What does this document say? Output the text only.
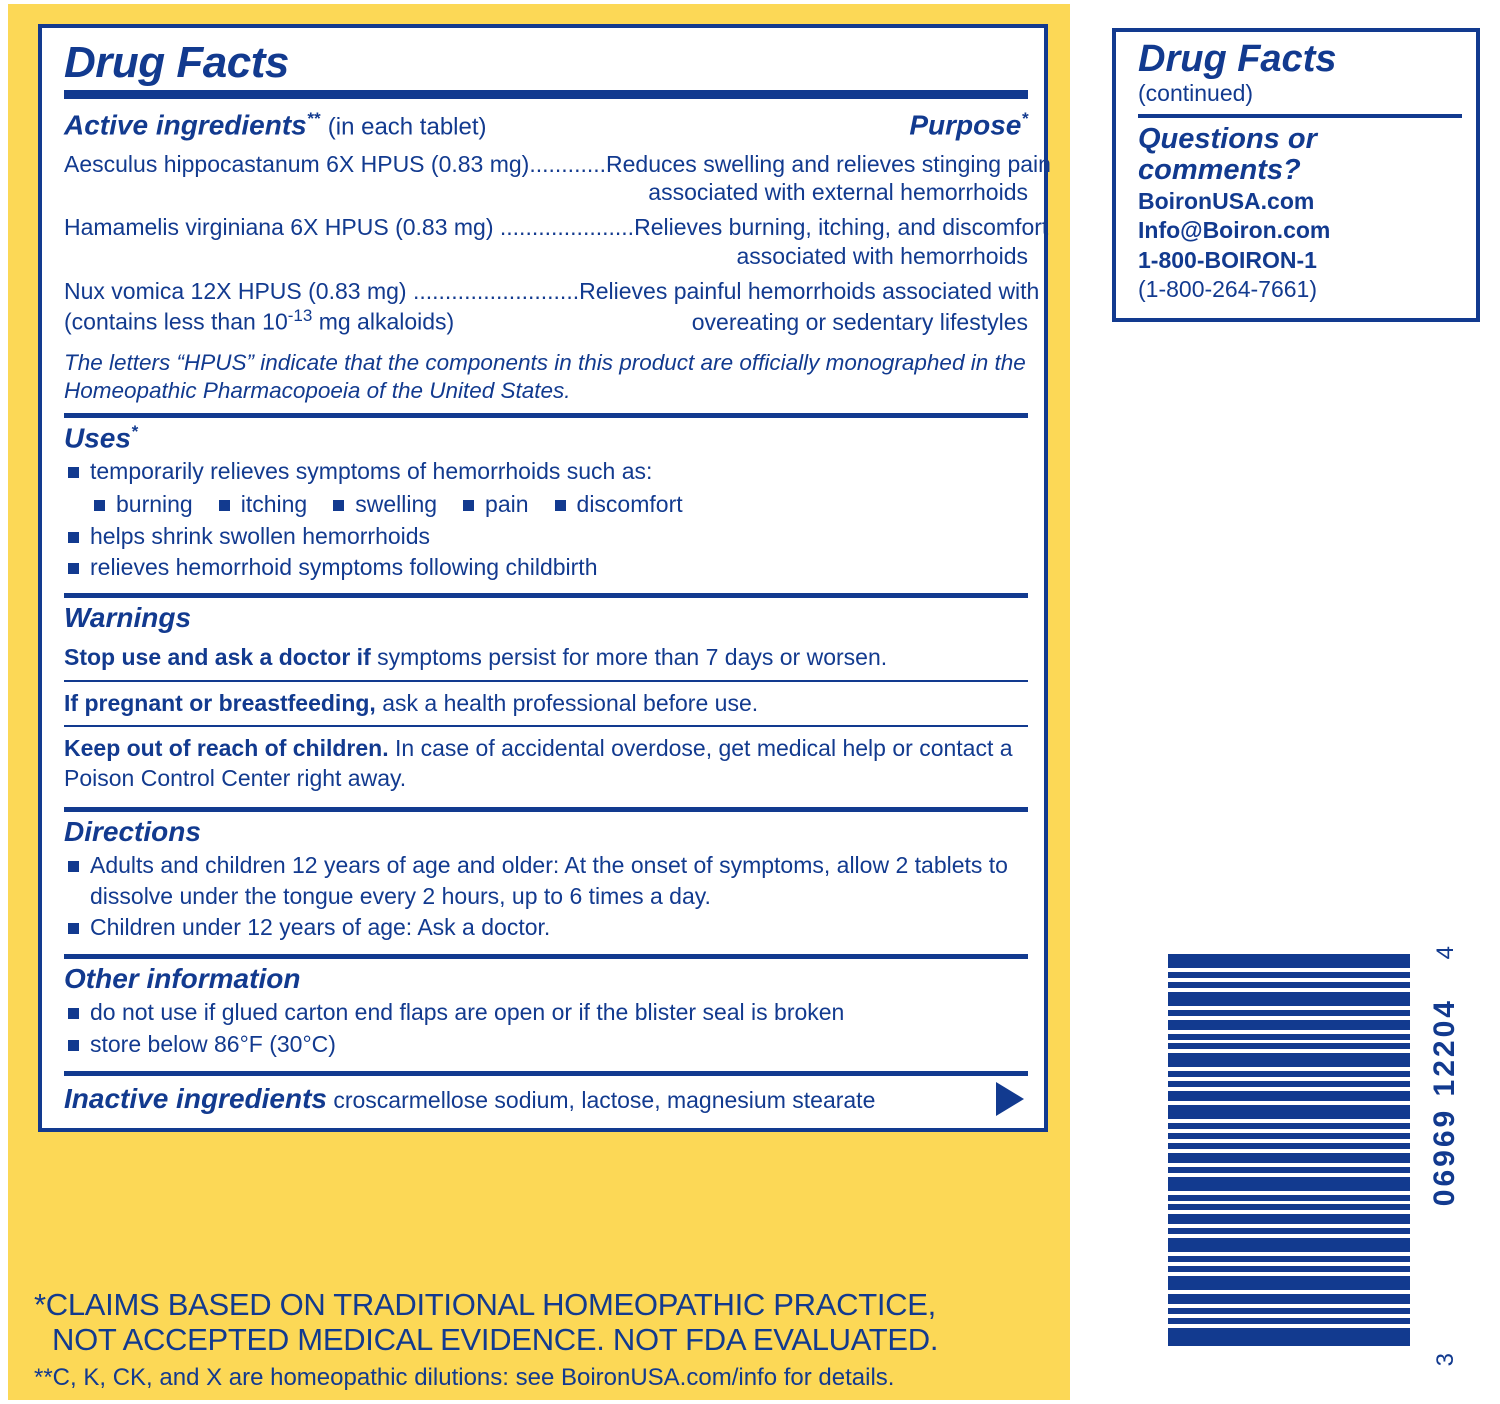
Drug Facts
Active ingredients** (in each tablet)	Purpose*
Aesculus hippocastanum 6X HPUS (0.83 mg)............ Reduces swelling and relieves stinging pain
associated with external hemorrhoids
Hamamelis virginiana 6X HPUS (0.83 mg) ..................... Relieves burning, itching, and discomfort
associated with hemorrhoids
Nux vomica 12X HPUS (0.83 mg) .......................... Relieves painful hemorrhoids associated with
(contains less than $10^{-13}$ mg alkaloids)	overeating or sedentary lifestyles
The letters “HPUS” indicate that the components in this product are officially monographed in the Homeopathic Pharmacopoeia of the United States.
Uses*
temporarily relieves symptoms of hemorrhoids such as:
burning	itching	swelling	pain	discomfort
helps shrink swollen hemorrhoids
relieves hemorrhoid symptoms following childbirth
Warnings
Stop use and ask a doctor if symptoms persist for more than 7 days or worsen.
If pregnant or breastfeeding, ask a health professional before use.
Keep out of reach of children. In case of accidental overdose, get medical help or contact a Poison Control Center right away.
Directions
Adults and children 12 years of age and older: At the onset of symptoms, allow 2 tablets to dissolve under the tongue every 2 hours, up to 6 times a day.
Children under 12 years of age: Ask a doctor.
Other information
do not use if glued carton end flaps are open or if the blister seal is broken
store below 86°F (30°C)
Inactive ingredients croscarmellose sodium, lactose, magnesium stearate
*CLAIMS BASED ON TRADITIONAL HOMEOPATHIC PRACTICE,
NOT ACCEPTED MEDICAL EVIDENCE. NOT FDA EVALUATED.
**C, K, CK, and X are homeopathic dilutions: see BoironUSA.com/info for details.
Drug Facts
(continued)
Questions or
comments?
BoironUSA.com
Info@Boiron.com
1-800-BOIRON-1
(1-800-264-7661)
06969 12204
3
4
